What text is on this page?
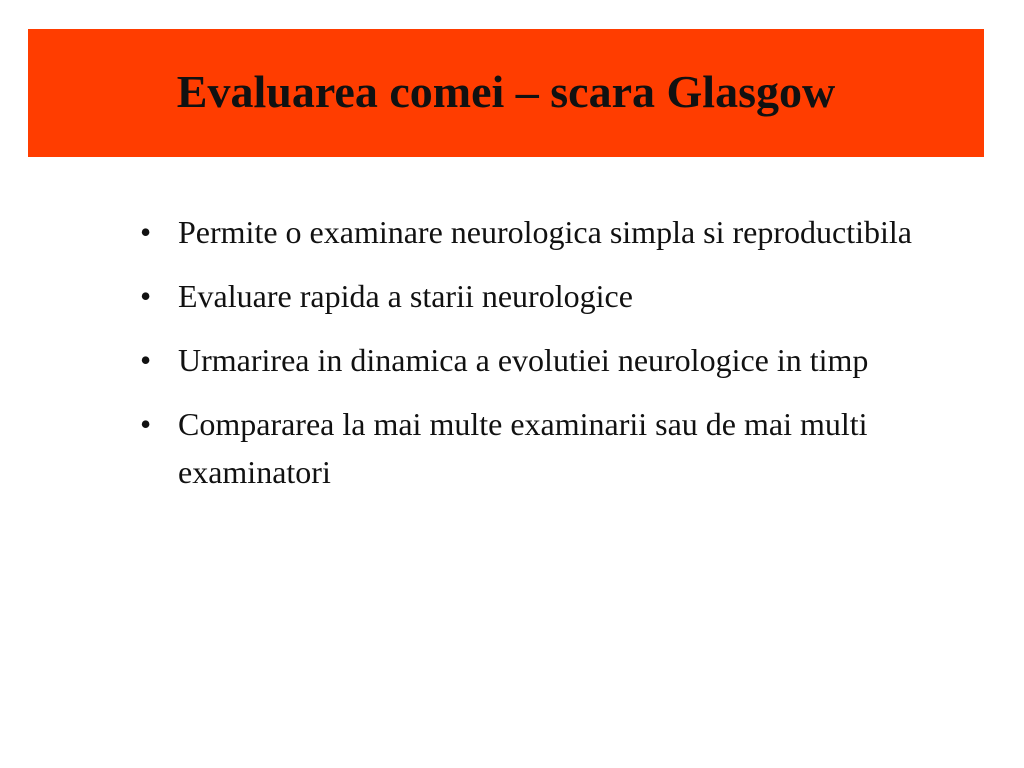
Evaluarea comei – scara Glasgow
• Permite o examinare neurologica simpla si reproductibila
• Evaluare rapida a starii neurologice
• Urmarirea in dinamica a evolutiei neurologice in timp
• Compararea la mai multe examinarii sau de mai multi examinatori
